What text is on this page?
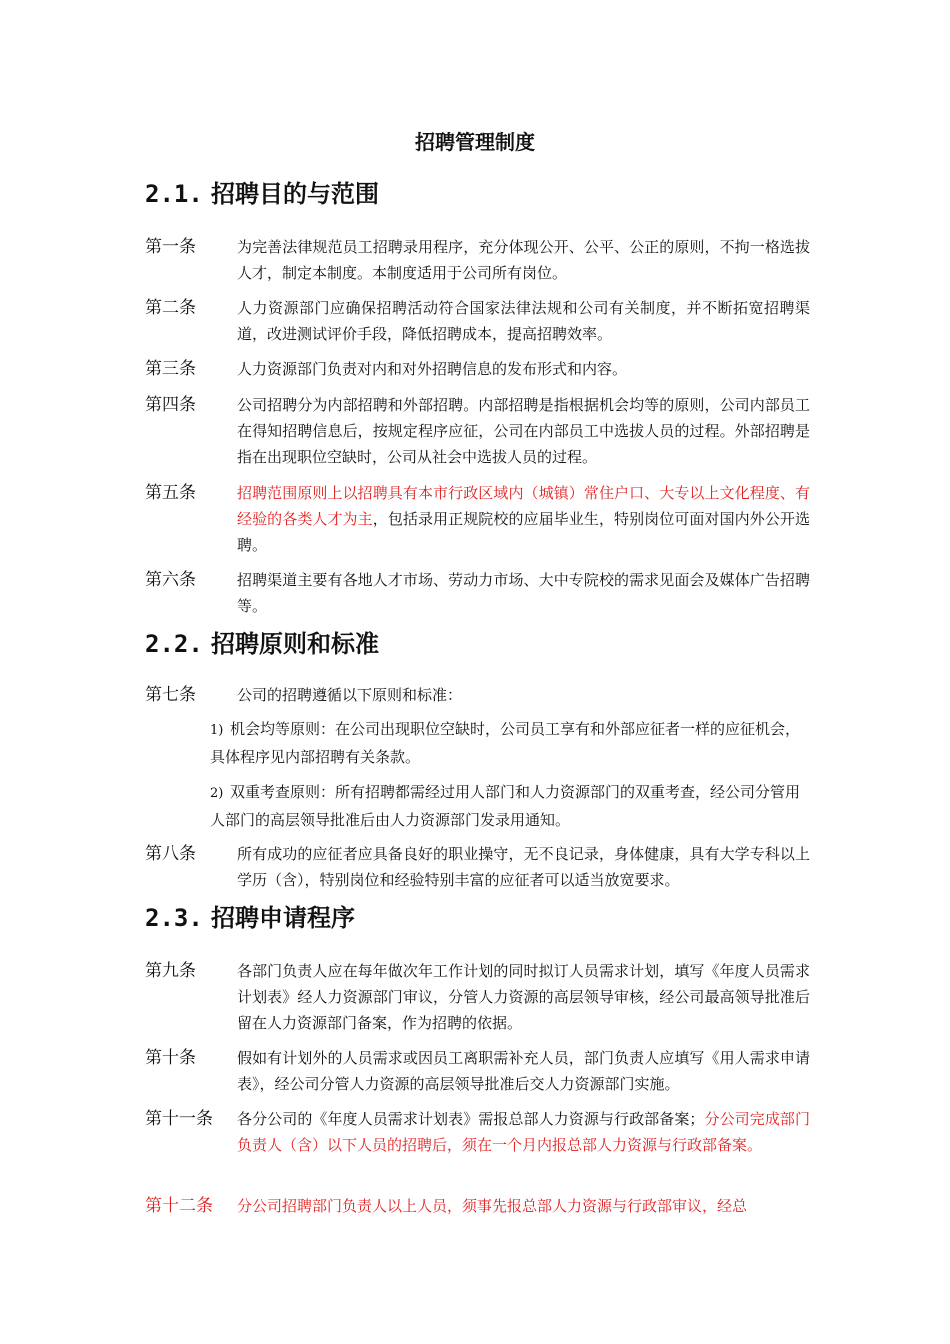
招聘管理制度
2.1. 招聘目的与范围
第一条	为完善法律规范员工招聘录用程序，充分体现公开、公平、公正的原则，不拘一格选拔人才，制定本制度。本制度适用于公司所有岗位。
第二条	人力资源部门应确保招聘活动符合国家法律法规和公司有关制度，并不断拓宽招聘渠道，改进测试评价手段，降低招聘成本，提高招聘效率。
第三条	人力资源部门负责对内和对外招聘信息的发布形式和内容。
第四条	公司招聘分为内部招聘和外部招聘。内部招聘是指根据机会均等的原则，公司内部员工在得知招聘信息后，按规定程序应征，公司在内部员工中选拔人员的过程。外部招聘是指在出现职位空缺时，公司从社会中选拔人员的过程。
第五条	招聘范围原则上以招聘具有本市行政区域内（城镇）常住户口、大专以上文化程度、有经验的各类人才为主，包括录用正规院校的应届毕业生，特别岗位可面对国内外公开选聘。
第六条	招聘渠道主要有各地人才市场、劳动力市场、大中专院校的需求见面会及媒体广告招聘等。
2.2. 招聘原则和标准
第七条	公司的招聘遵循以下原则和标准：
1) 机会均等原则：在公司出现职位空缺时，公司员工享有和外部应征者一样的应征机会，具体程序见内部招聘有关条款。
2) 双重考查原则：所有招聘都需经过用人部门和人力资源部门的双重考查，经公司分管用人部门的高层领导批准后由人力资源部门发录用通知。
第八条	所有成功的应征者应具备良好的职业操守，无不良记录，身体健康，具有大学专科以上学历（含），特别岗位和经验特别丰富的应征者可以适当放宽要求。
2.3. 招聘申请程序
第九条	各部门负责人应在每年做次年工作计划的同时拟订人员需求计划，填写《年度人员需求计划表》经人力资源部门审议，分管人力资源的高层领导审核，经公司最高领导批准后留在人力资源部门备案，作为招聘的依据。
第十条	假如有计划外的人员需求或因员工离职需补充人员，部门负责人应填写《用人需求申请表》，经公司分管人力资源的高层领导批准后交人力资源部门实施。
第十一条 各分公司的《年度人员需求计划表》需报总部人力资源与行政部备案；分公司完成部门负责人（含）以下人员的招聘后，须在一个月内报总部人力资源与行政部备案。
第十二条 分公司招聘部门负责人以上人员，须事先报总部人力资源与行政部审议，经总
